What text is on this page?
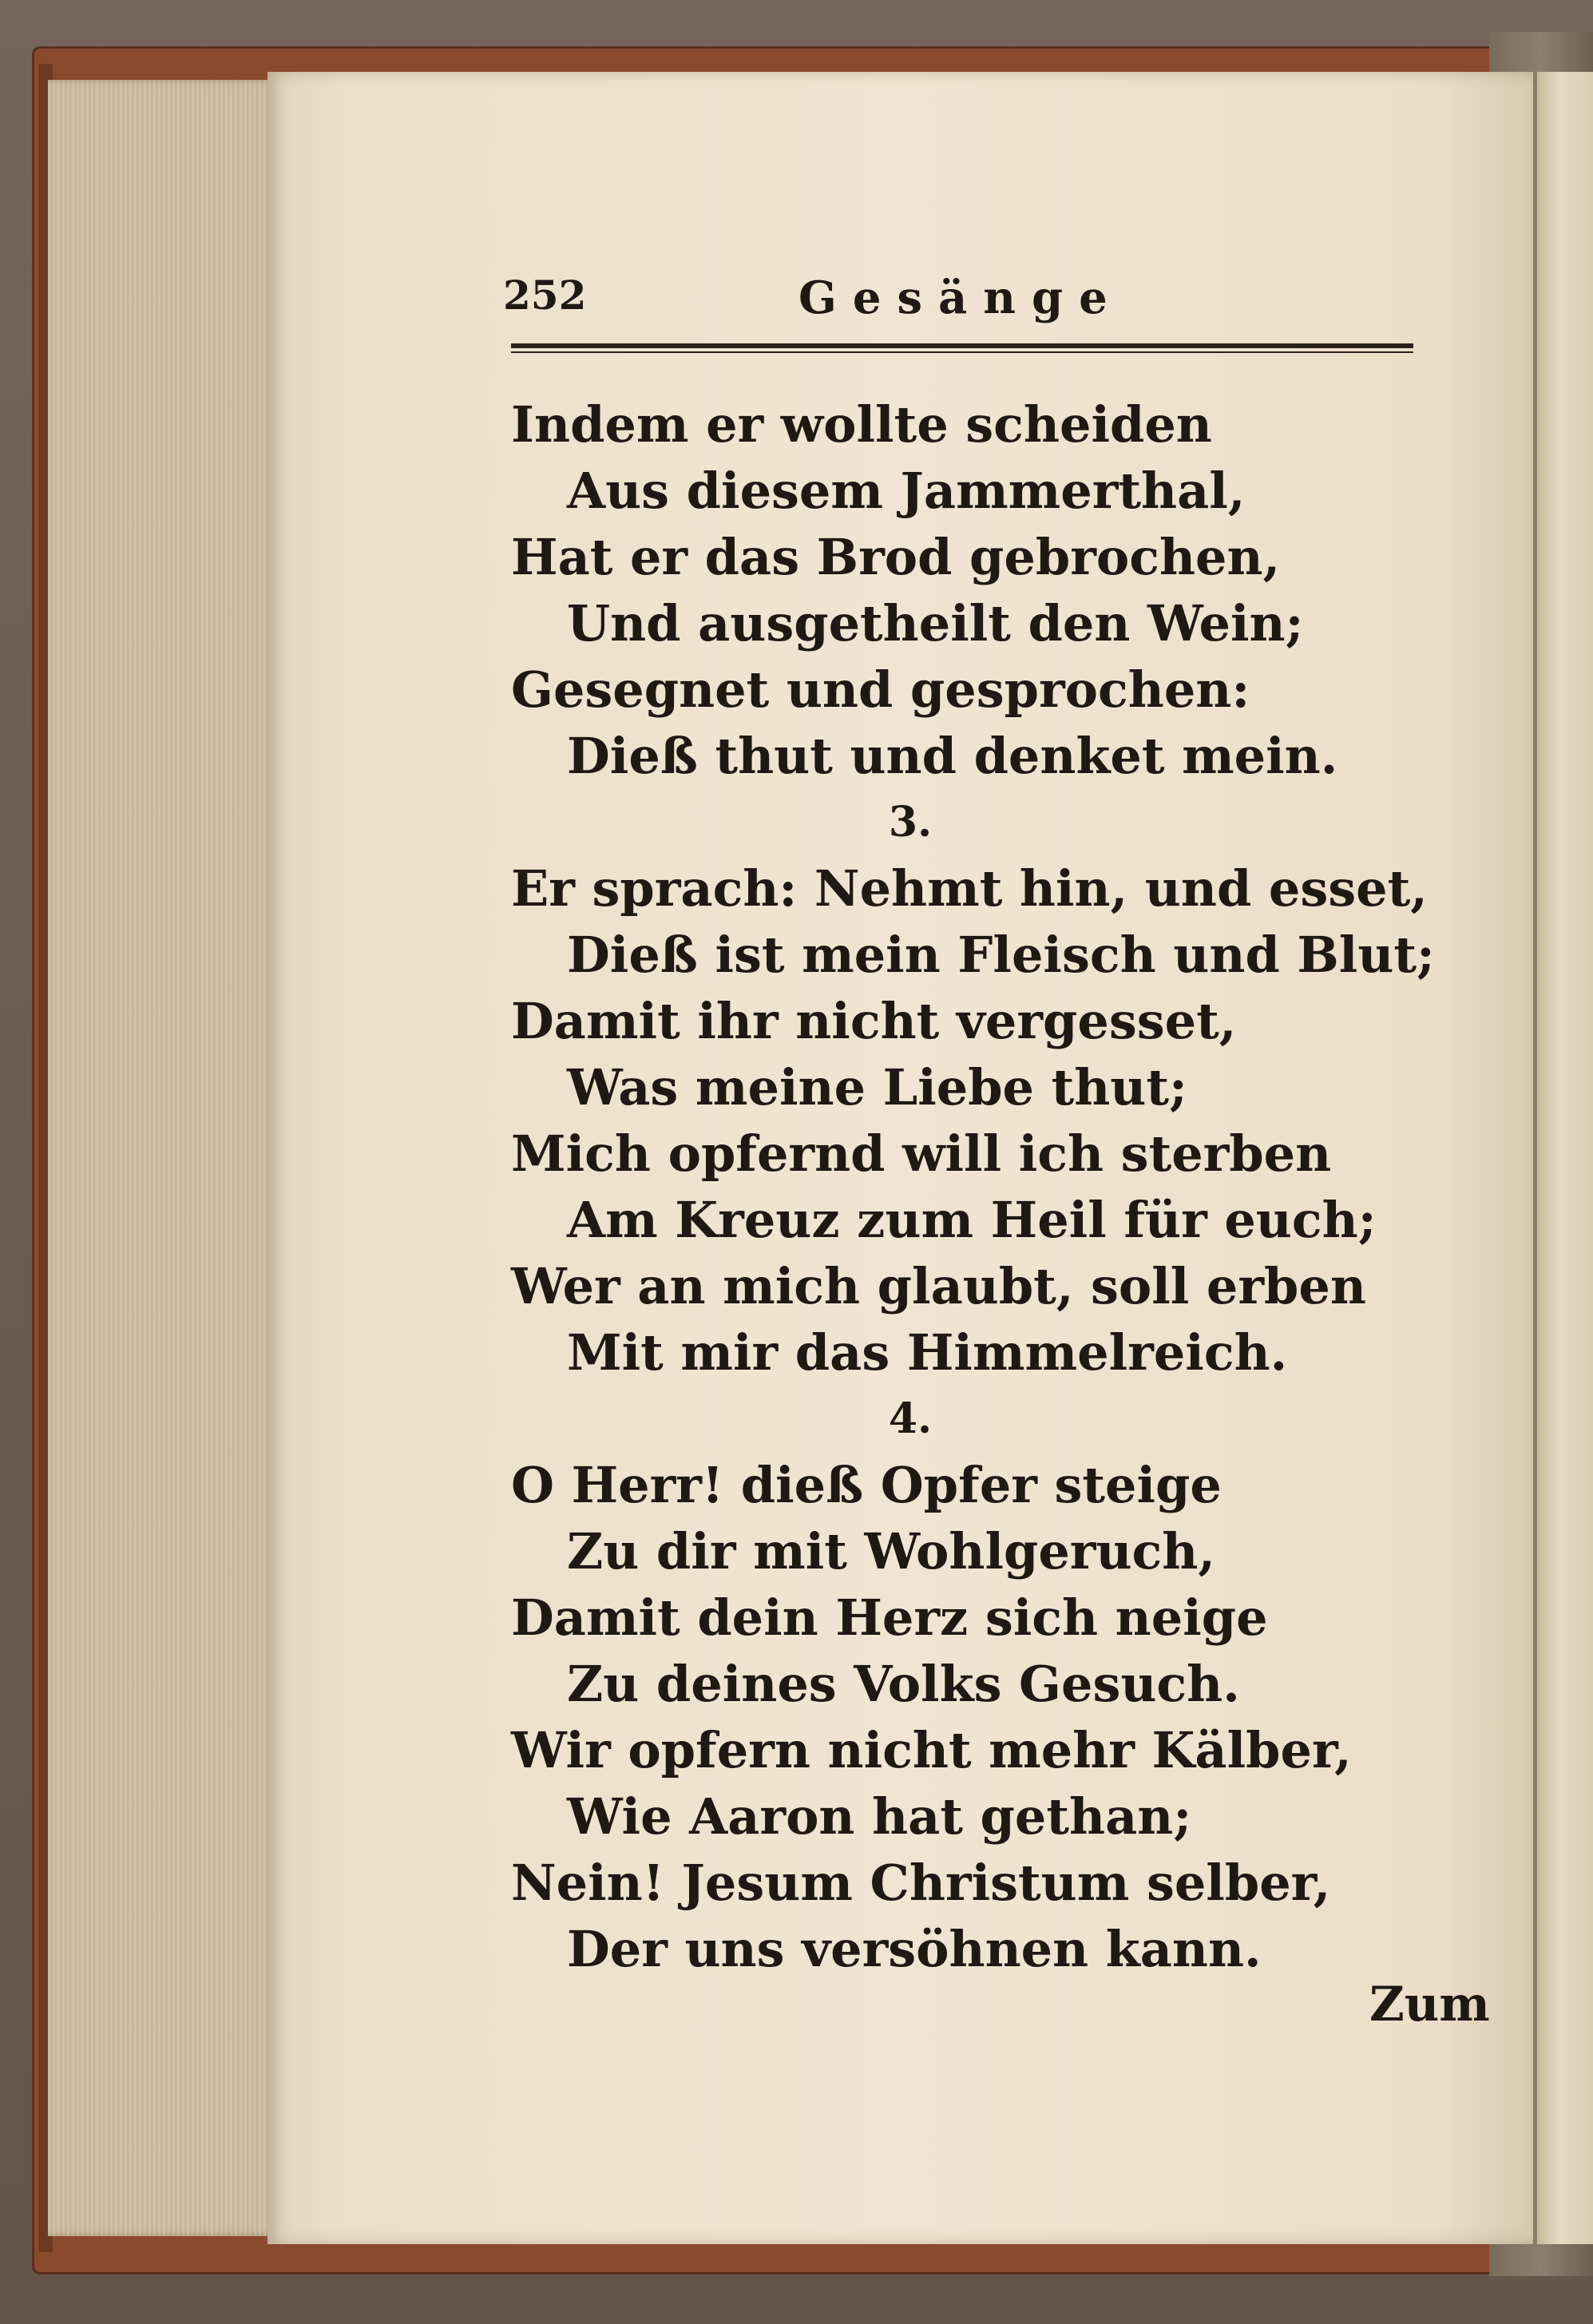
252	Gesänge
Indem er wollte scheiden
Aus diesem Jammerthal,
Hat er das Brod gebrochen,
Und ausgetheilt den Wein;
Gesegnet und gesprochen:
Dieß thut und denket mein.
3.
Er sprach: Nehmt hin, und esset,
Dieß ist mein Fleisch und Blut;
Damit ihr nicht vergesset,
Was meine Liebe thut;
Mich opfernd will ich sterben
Am Kreuz zum Heil für euch;
Wer an mich glaubt, soll erben
Mit mir das Himmelreich.
4.
O Herr! dieß Opfer steige
Zu dir mit Wohlgeruch,
Damit dein Herz sich neige
Zu deines Volks Gesuch.
Wir opfern nicht mehr Kälber,
Wie Aaron hat gethan;
Nein! Jesum Christum selber,
Der uns versöhnen kann.
Zum
